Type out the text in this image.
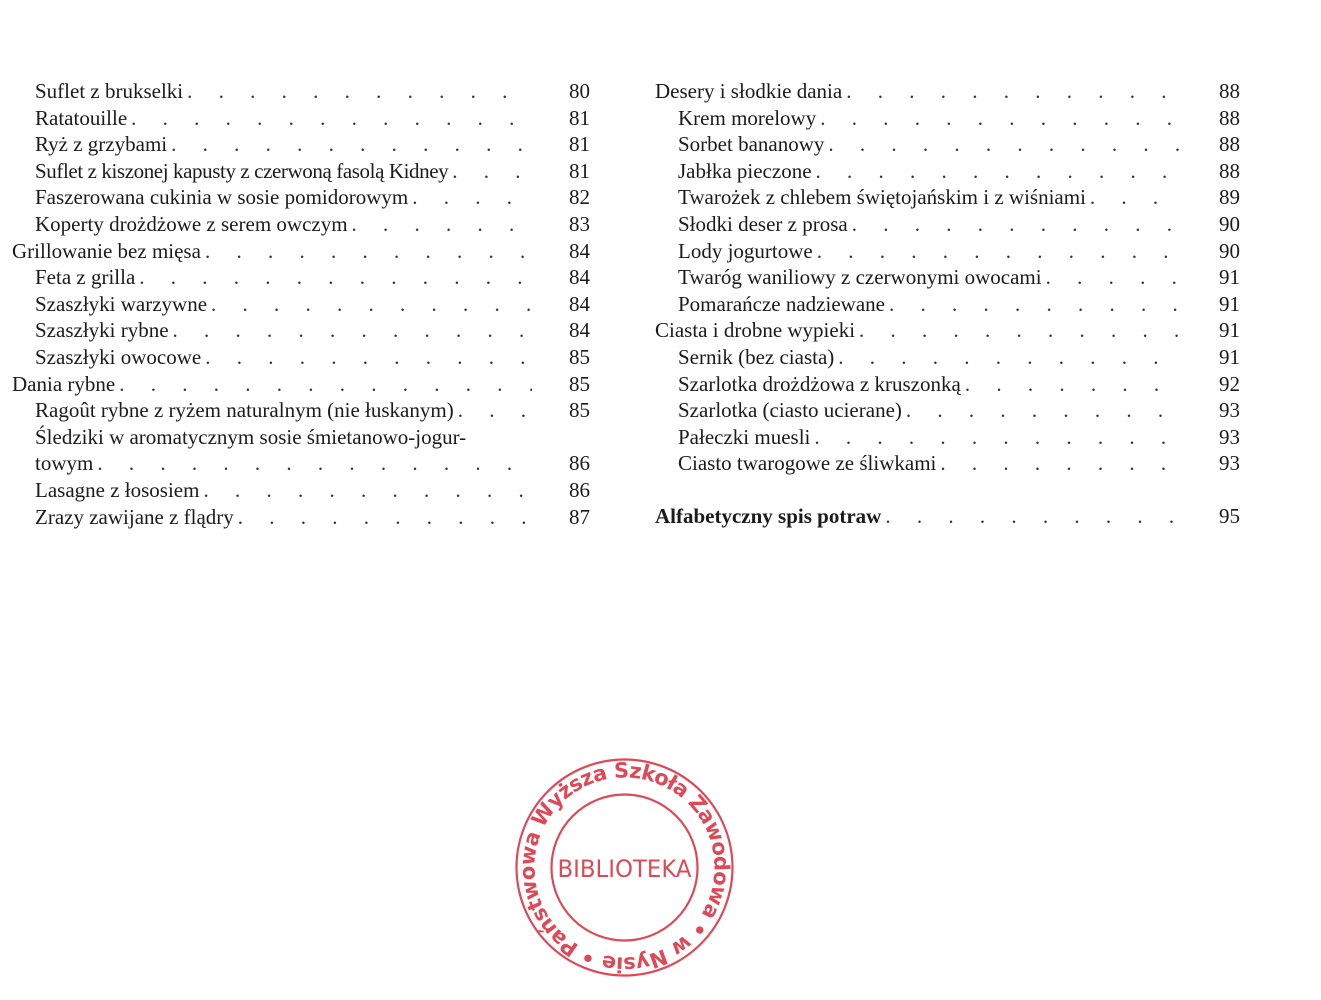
Suflet z brukselki . . .	80
Ratatouille . . .	81
Ryż z grzybami . . .	81
Suflet z kiszonej kapusty z czerwoną fasolą Kidney . . .	81
Faszerowana cukinia w sosie pomidorowym . . .	82
Koperty drożdżowe z serem owczym . . .	83
Grillowanie bez mięsa . . .	84
Feta z grilla . . .	84
Szaszłyki warzywne . . .	84
Szaszłyki rybne . . .	84
Szaszłyki owocowe . . .	85
Dania rybne . . .	85
Ragoût rybne z ryżem naturalnym (nie łuskanym) . . .	85
Śledziki w aromatycznym sosie śmietanowo-jogur-
towym . . .	86
Lasagne z łososiem . . .	86
Zrazy zawijane z flądry . . .	87
Desery i słodkie dania . . .	88
Krem morelowy . . .	88
Sorbet bananowy . . .	88
Jabłka pieczone . . .	88
Twarożek z chlebem świętojańskim i z wiśniami . . .	89
Słodki deser z prosa . . .	90
Lody jogurtowe . . .	90
Twaróg waniliowy z czerwonymi owocami . . .	91
Pomarańcze nadziewane . . .	91
Ciasta i drobne wypieki . . .	91
Sernik (bez ciasta) . . .	91
Szarlotka drożdżowa z kruszonką . . .	92
Szarlotka (ciasto ucierane) . . .	93
Pałeczki muesli . . .	93
Ciasto twarogowe ze śliwkami . . .	93
Alfabetyczny spis potraw . . .	95
Państwowa Wyższa Szkoła Zawodowa • w Nysie •
BIBLIOTEKA
